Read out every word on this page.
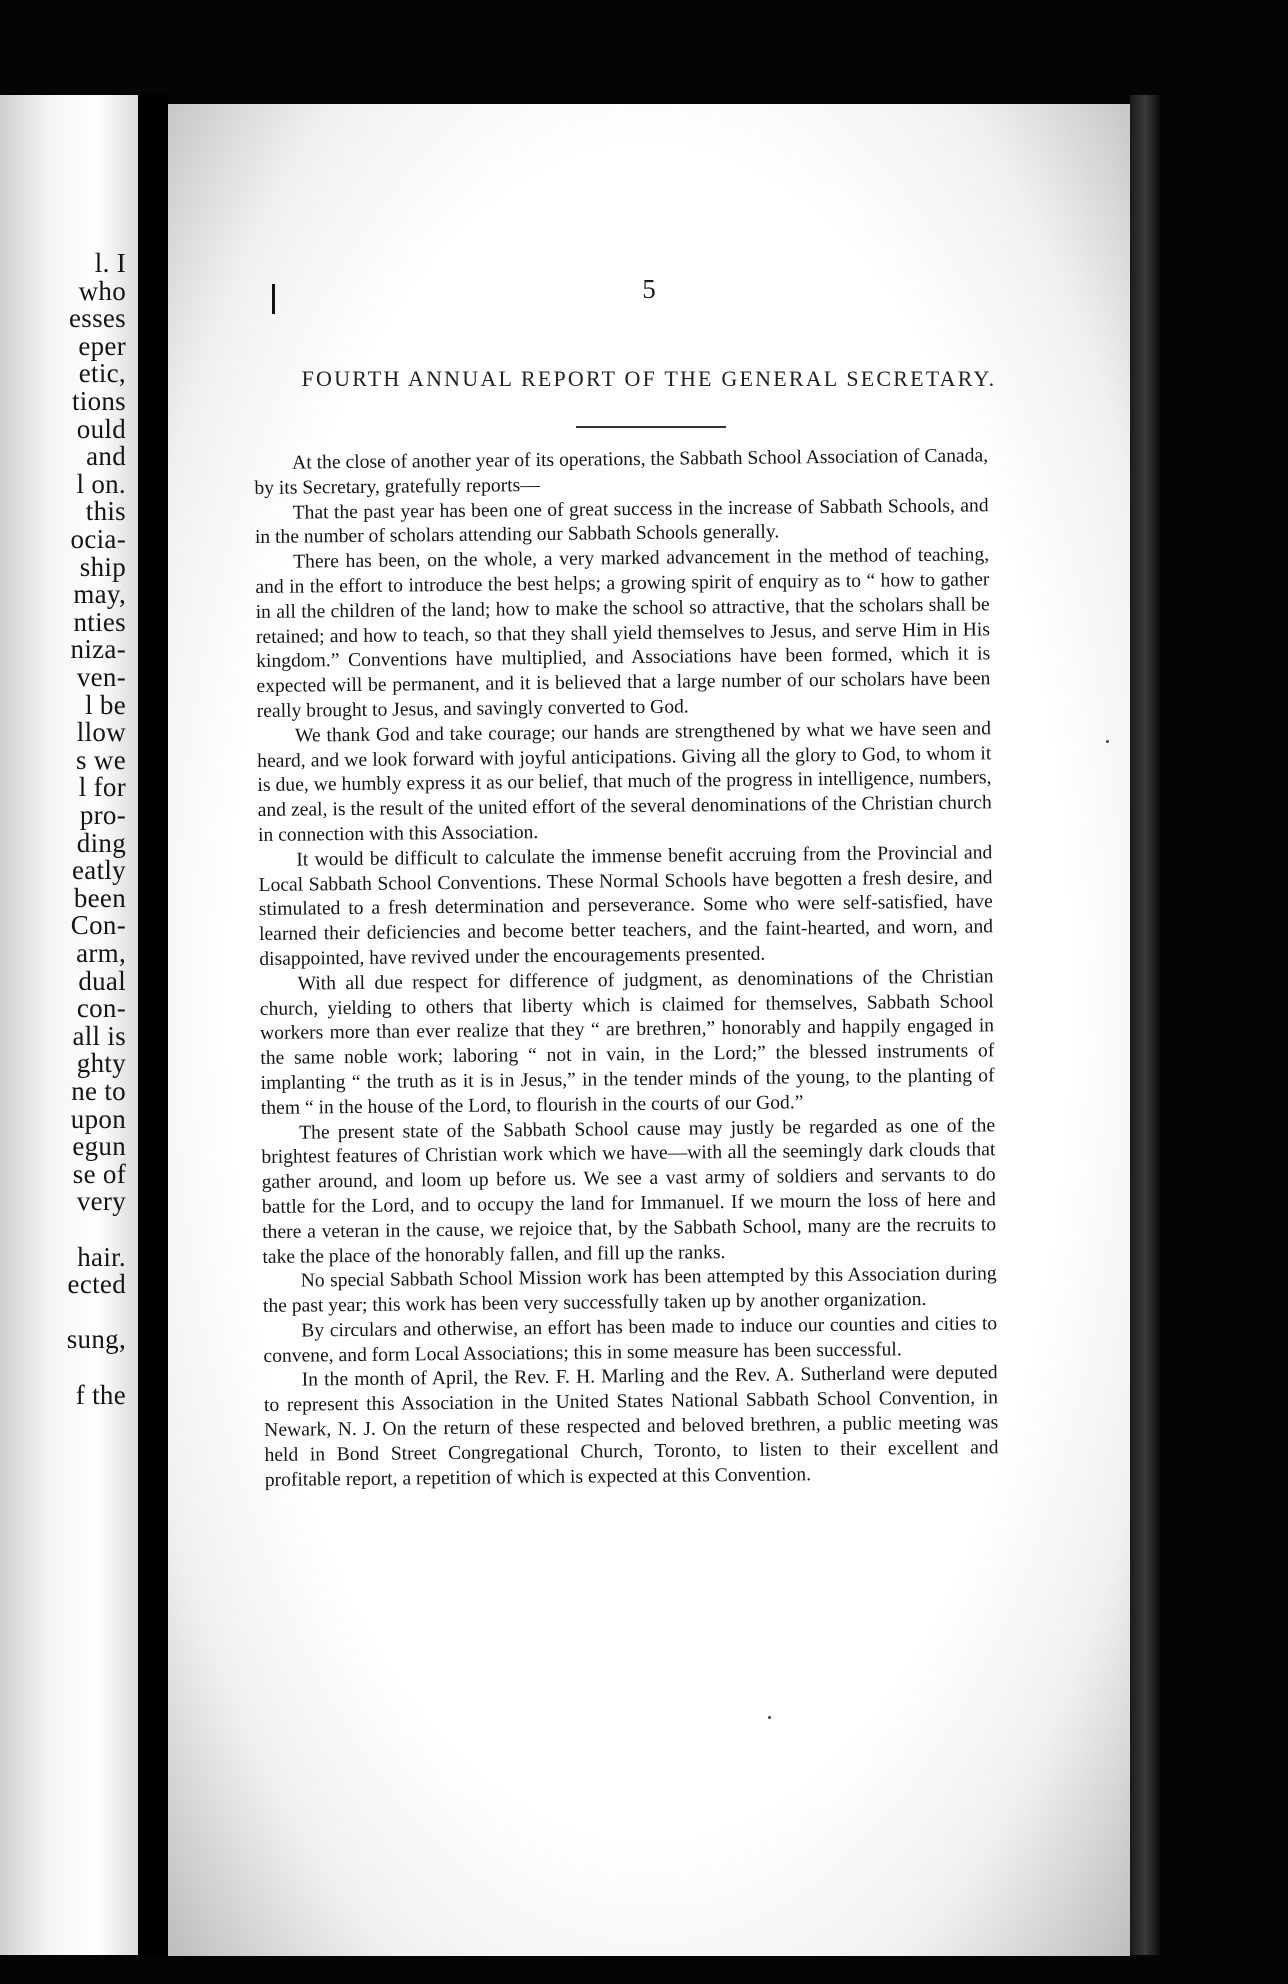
l. I
who
esses
eper
etic,
tions
ould
and
l on.
this
ocia-
ship
may,
nties
niza-
ven-
l be
llow
s we
l for
pro-
ding
eatly
been
Con-
arm,
dual
con-
all is
ghty
ne to
upon
egun
se of
very
hair.
ected
sung,
f the
5
FOURTH ANNUAL REPORT OF THE GENERAL SECRETARY.

At the close of another year of its operations, the Sabbath School Association of Canada, by its Secretary, gratefully reports—

That the past year has been one of great success in the increase of Sabbath Schools, and in the number of scholars attending our Sabbath Schools generally.

There has been, on the whole, a very marked advancement in the method of teaching, and in the effort to introduce the best helps; a growing spirit of enquiry as to “ how to gather in all the children of the land; how to make the school so attractive, that the scholars shall be retained; and how to teach, so that they shall yield themselves to Jesus, and serve Him in His kingdom.” Conventions have multiplied, and Associations have been formed, which it is expected will be permanent, and it is believed that a large number of our scholars have been really brought to Jesus, and savingly converted to God.

We thank God and take courage; our hands are strengthened by what we have seen and heard, and we look forward with joyful anticipations. Giving all the glory to God, to whom it is due, we humbly express it as our belief, that much of the progress in intelligence, numbers, and zeal, is the result of the united effort of the several denominations of the Christian church in connection with this Association.

It would be difficult to calculate the immense benefit accruing from the Provincial and Local Sabbath School Conventions. These Normal Schools have begotten a fresh desire, and stimulated to a fresh determination and perseverance. Some who were self-satisfied, have learned their deficiencies and become better teachers, and the faint-hearted, and worn, and disappointed, have revived under the encouragements presented.

With all due respect for difference of judgment, as denominations of the Christian church, yielding to others that liberty which is claimed for themselves, Sabbath School workers more than ever realize that they “ are brethren,” honorably and happily engaged in the same noble work; laboring “ not in vain, in the Lord;” the blessed instruments of implanting “ the truth as it is in Jesus,” in the tender minds of the young, to the planting of them “ in the house of the Lord, to flourish in the courts of our God.”

The present state of the Sabbath School cause may justly be regarded as one of the brightest features of Christian work which we have—with all the seemingly dark clouds that gather around, and loom up before us. We see a vast army of soldiers and servants to do battle for the Lord, and to occupy the land for Immanuel. If we mourn the loss of here and there a veteran in the cause, we rejoice that, by the Sabbath School, many are the recruits to take the place of the honorably fallen, and fill up the ranks.

No special Sabbath School Mission work has been attempted by this Association during the past year; this work has been very successfully taken up by another organization.

By circulars and otherwise, an effort has been made to induce our counties and cities to convene, and form Local Associations; this in some measure has been successful.

In the month of April, the Rev. F. H. Marling and the Rev. A. Sutherland were deputed to represent this Association in the United States National Sabbath School Convention, in Newark, N. J. On the return of these respected and beloved brethren, a public meeting was held in Bond Street Congregational Church, Toronto, to listen to their excellent and profitable report, a repetition of which is expected at this Convention.
